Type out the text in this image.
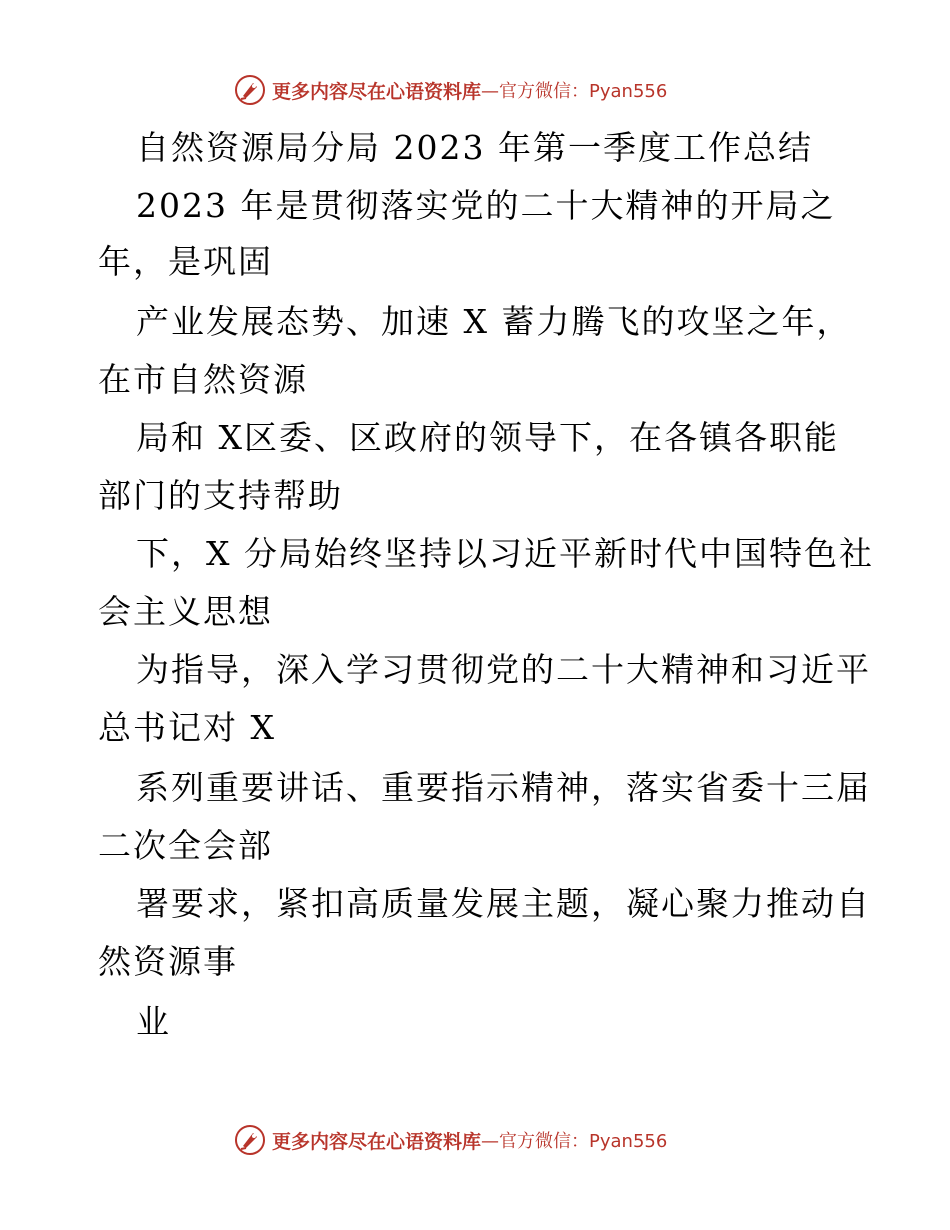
更多内容尽在心语资料库 —官方微信：Pyan556
自然资源局分局 2023 年第一季度工作总结
2023 年是贯彻落实党的二十大精神的开局之
年，是巩固
产业发展态势、加速 X 蓄力腾飞的攻坚之年，
在市自然资源
局和 X区委、区政府的领导下，在各镇各职能
部门的支持帮助
下，X 分局始终坚持以习近平新时代中国特色社
会主义思想
为指导，深入学习贯彻党的二十大精神和习近平
总书记对 X
系列重要讲话、重要指示精神，落实省委十三届
二次全会部
署要求，紧扣高质量发展主题，凝心聚力推动自
然资源事
业
更多内容尽在心语资料库 —官方微信：Pyan556
